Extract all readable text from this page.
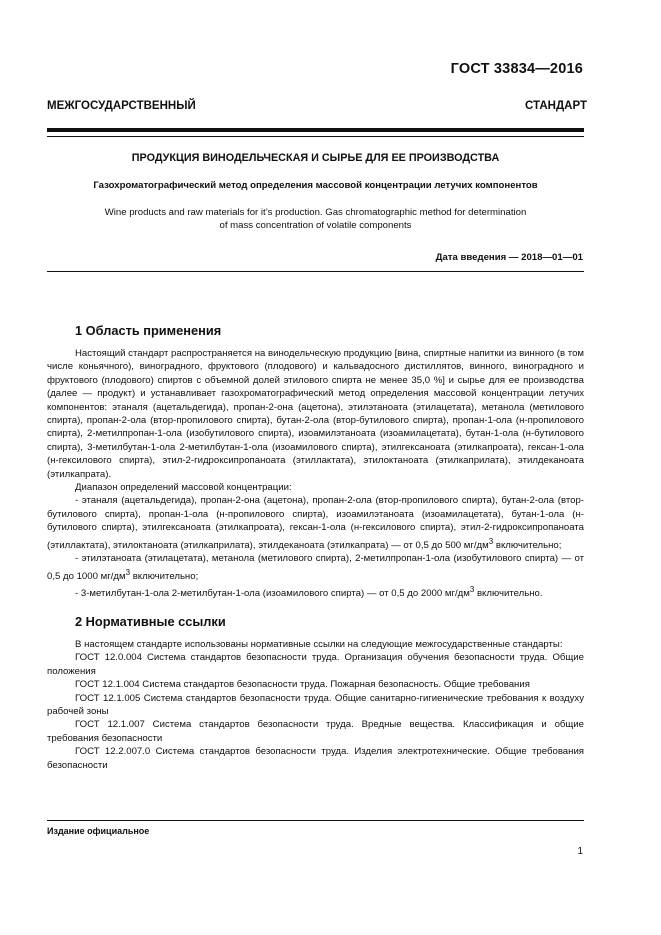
ГОСТ 33834—2016
МЕЖГОСУДАРСТВЕННЫЙ СТАНДАРТ
ПРОДУКЦИЯ ВИНОДЕЛЬЧЕСКАЯ И СЫРЬЕ ДЛЯ ЕЕ ПРОИЗВОДСТВА
Газохроматографический метод определения массовой концентрации летучих компонентов
Wine products and raw materials for it’s production. Gas chromatographic method for determination
of mass concentration of volatile components
Дата введения — 2018—01—01
1 Область применения

Настоящий стандарт распространяется на винодельческую продукцию [вина, спиртные напитки из винного (в том числе коньячного), виноградного, фруктового (плодового) и кальвадосного дистиллятов, винного, виноградного и фруктового (плодового) спиртов с объемной долей этилового спирта не менее 35,0 %] и сырье для ее производства (далее — продукт) и устанавливает газохроматографический метод определения массовой концентрации летучих компонентов: этаналя (ацетальдегида), пропан-2-она (ацетона), этилэтаноата (этилацетата), метанола (метилового спирта), пропан-2-ола (втор-пропилового спирта), бутан-2-ола (втор-бутилового спирта), пропан-1-ола (н-пропилового спирта), 2-метилпропан-1-ола (изобутилового спирта), изоамилэтаноата (изоамилацетата), бутан-1-ола (н-бутилового спирта), 3-метилбутан-1-ола 2-метилбутан-1-ола (изоамилового спирта), этилгексаноата (этилкапроата), гексан-1-ола (н-гексилового спирта), этил-2-гидроксипропаноата (этиллактата), этилоктаноата (этилкаприлата), этилдеканоата (этилкапрата).

Диапазон определений массовой концентрации:

- этаналя (ацетальдегида), пропан-2-она (ацетона), пропан-2-ола (втор-пропилового спирта), бутан-2-ола (втор-бутилового спирта), пропан-1-ола (н-пропилового спирта), изоамилэтаноата (изоамилацетата), бутан-1-ола (н-бутилового спирта), этилгексаноата (этилкапроата), гексан-1-ола (н-гексилового спирта), этил-2-гидроксипропаноата (этиллактата), этилоктаноата (этилкаприлата), этилдеканоата (этилкапрата) — от 0,5 до 500 $мг/дм^3$ включительно;

- этилэтаноата (этилацетата), метанола (метилового спирта), 2-метилпропан-1-ола (изобутилового спирта) — от 0,5 до 1000 $мг/дм^3$ включительно;

- 3-метилбутан-1-ола 2-метилбутан-1-ола (изоамилового спирта) — от 0,5 до 2000 $мг/дм^3$ включительно.

2 Нормативные ссылки

В настоящем стандарте использованы нормативные ссылки на следующие межгосударственные стандарты:

ГОСТ 12.0.004 Система стандартов безопасности труда. Организация обучения безопасности труда. Общие положения

ГОСТ 12.1.004 Система стандартов безопасности труда. Пожарная безопасность. Общие требования

ГОСТ 12.1.005 Система стандартов безопасности труда. Общие санитарно-гигиенические требования к воздуху рабочей зоны

ГОСТ 12.1.007 Система стандартов безопасности труда. Вредные вещества. Классификация и общие требования безопасности

ГОСТ 12.2.007.0 Система стандартов безопасности труда. Изделия электротехнические. Общие требования безопасности

Издание официальное
1
